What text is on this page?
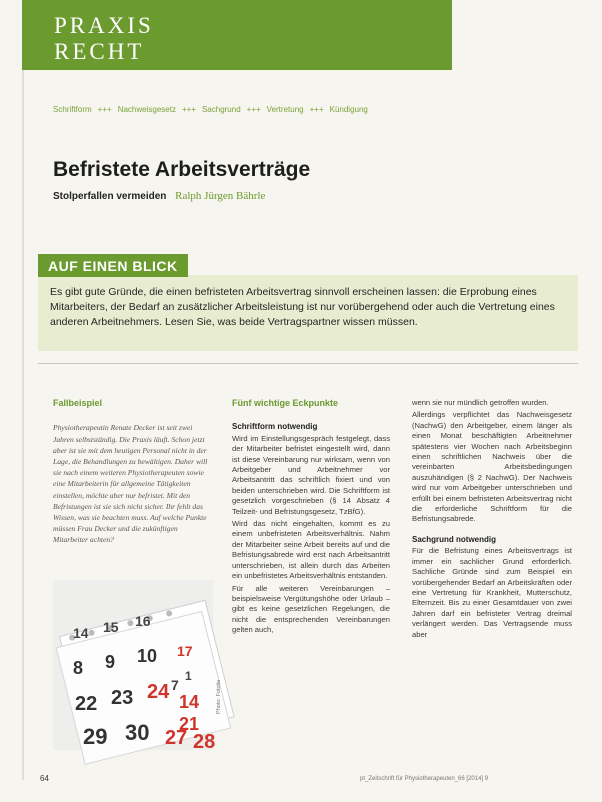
PRAXIS
RECHT
Schriftform +++ Nachweisgesetz +++ Sachgrund +++ Vertretung +++ Kündigung
Befristete Arbeitsverträge
Stolperfallen vermeiden Ralph Jürgen Bährle
Es gibt gute Gründe, die einen befristeten Arbeitsvertrag sinnvoll erscheinen lassen: die Erprobung eines Mitarbeiters, der Bedarf an zusätzlicher Arbeitsleistung ist nur vorübergehend oder auch die Vertretung eines anderen Arbeitnehmers. Lesen Sie, was beide Vertragspartner wissen müssen.
AUF EINEN BLICK
Fallbeispiel
Physiotherapeutin Renate Decker ist seit zwei Jahren selbstständig. Die Praxis läuft. Schon jetzt aber ist sie mit dem heutigen Personal nicht in der Lage, die Behandlungen zu bewältigen. Daher will sie nach einem weiteren Physiotherapeuten sowie eine Mitarbeiterin für allgemeine Tätigkeiten einstellen, möchte aber nur befristet. Mit den Befristungen ist sie sich nicht sicher. Ihr fehlt das Wissen, was sie beachten muss. Auf welche Punkte müssen Frau Decker und die zukünftigen Mitarbeiter achten?
14 15 16
8 9 10
22 23 24
29 30
17
1
7
14
21
27 28
Photo: Fotolia
Fünf wichtige Eckpunkte
Schriftform notwendig

Wird im Einstellungsgespräch festgelegt, dass der Mitarbeiter befristet eingestellt wird, dann ist diese Vereinbarung nur wirksam, wenn von Arbeitgeber und Arbeitnehmer vor Arbeitsantritt das schriftlich fixiert und von beiden unterschrieben wird. Die Schriftform ist gesetzlich vorgeschrieben (§ 14 Absatz 4 Teilzeit- und Befristungsgesetz, TzBfG).

Wird das nicht eingehalten, kommt es zu einem unbefristeten Arbeitsverhältnis. Nahm der Mitarbeiter seine Arbeit bereits auf und die Befristungsabrede wird erst nach Arbeitsantritt unterschrieben, ist allein durch das Arbeiten ein unbefristetes Arbeitsverhältnis entstanden.

Für alle weiteren Vereinbarungen – beispielsweise Vergütungshöhe oder Urlaub – gibt es keine gesetzlichen Regelungen, die nicht die entsprechenden Vereinbarungen gelten auch,

wenn sie nur mündlich getroffen wurden.

Allerdings verpflichtet das Nachweisgesetz (NachwG) den Arbeitgeber, einem länger als einen Monat beschäftigten Arbeitnehmer spätestens vier Wochen nach Arbeitsbeginn einen schriftlichen Nachweis über die vereinbarten Arbeitsbedingungen auszuhändigen (§ 2 NachwG). Der Nachweis wird nur vom Arbeitgeber unterschrieben und erfüllt bei einem befristeten Arbeitsvertrag nicht die erforderliche Schriftform für die Befristungsabrede.

Sachgrund notwendig

Für die Befristung eines Arbeitsvertrags ist immer ein sachlicher Grund erforderlich. Sachliche Gründe sind zum Beispiel ein vorübergehender Bedarf an Arbeitskräften oder eine Vertretung für Krankheit, Mutterschutz, Elternzeit. Bis zu einer Gesamtdauer von zwei Jahren darf ein befristeter Vertrag dreimal verlängert werden. Das Vertragsende muss aber

64	pt_Zeitschrift für Physiotherapeuten_66 [2014] 9
